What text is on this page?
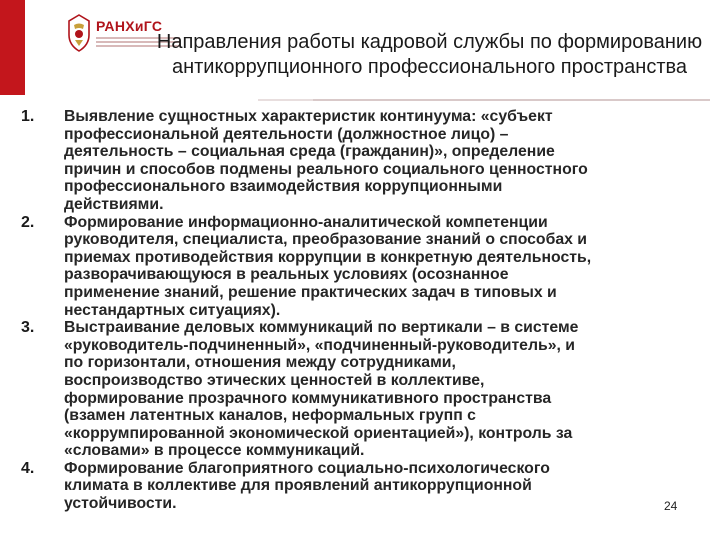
РАНХиГС
Направления работы кадровой службы по формированию антикоррупционного профессионального пространства
1. Выявление сущностных характеристик континуума: «субъект
профессиональной деятельности (должностное лицо) –
деятельность – социальная среда (гражданин)», определение
причин и способов подмены реального социального ценностного
профессионального взаимодействия коррупционными
действиями.
2. Формирование информационно-аналитической компетенции
руководителя, специалиста, преобразование знаний о способах и
приемах противодействия коррупции в конкретную деятельность,
разворачивающуюся в реальных условиях (осознанное
применение знаний, решение практических задач в типовых и
нестандартных ситуациях).
3. Выстраивание деловых коммуникаций по вертикали – в системе
«руководитель-подчиненный», «подчиненный-руководитель», и
по горизонтали, отношения между сотрудниками,
воспроизводство этических ценностей в коллективе,
формирование прозрачного коммуникативного пространства
(взамен латентных каналов, неформальных групп с
«коррумпированной экономической ориентацией»), контроль за
«словами» в процессе коммуникаций.
4. Формирование благоприятного социально-психологического
климата в коллективе для проявлений антикоррупционной
устойчивости.	24
